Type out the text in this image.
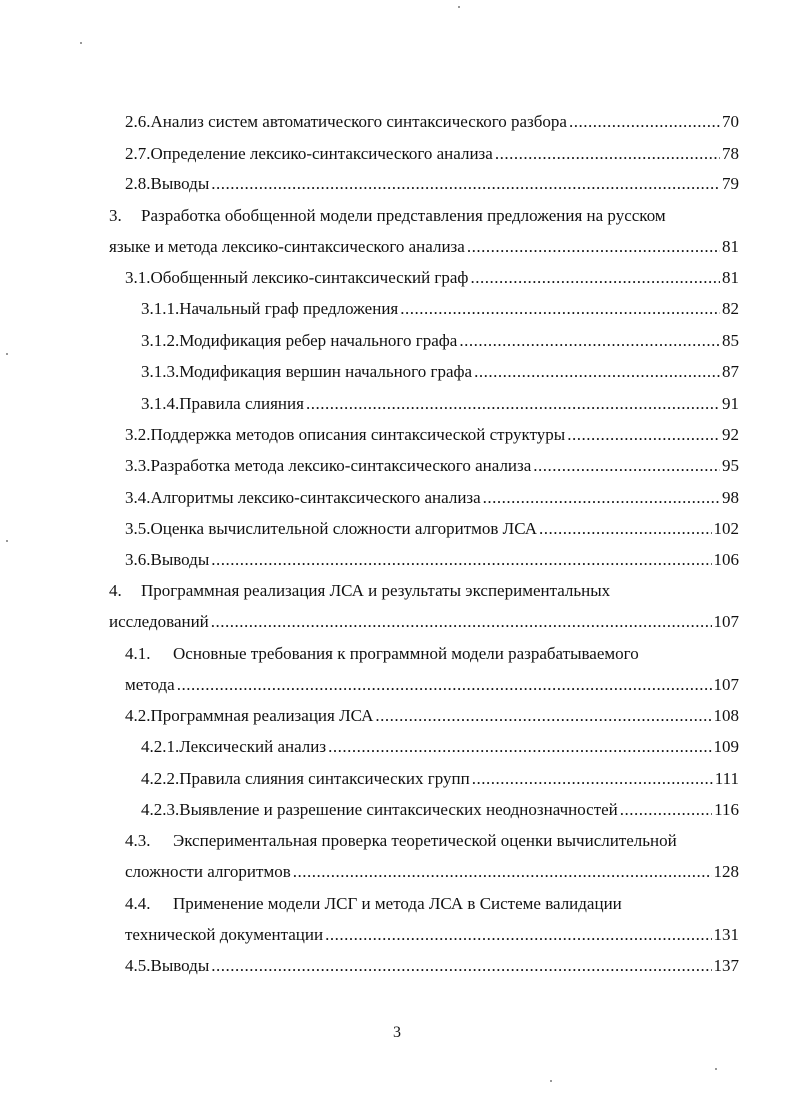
2.6. Анализ систем автоматического синтаксического разбора .....	70
2.7. Определение лексико-синтаксического анализа .....	78
2.8. Выводы .....	79
3.	Разработка обобщенной модели представления предложения на русском
языке и метода лексико-синтаксического анализа .....	81
3.1. Обобщенный лексико-синтаксический граф .....	81
3.1.1. Начальный граф предложения .....	82
3.1.2. Модификация ребер начального графа .....	85
3.1.3. Модификация вершин начального графа .....	87
3.1.4. Правила слияния .....	91
3.2. Поддержка методов описания синтаксической структуры .....	92
3.3. Разработка метода лексико-синтаксического анализа .....	95
3.4. Алгоритмы лексико-синтаксического анализа .....	98
3.5. Оценка вычислительной сложности алгоритмов ЛСА .....	102
3.6. Выводы .....	106
4.	Программная реализация ЛСА и результаты экспериментальных
исследований .....	107
4.1.	Основные требования к программной модели разрабатываемого
метода .....	107
4.2. Программная реализация ЛСА .....	108
4.2.1. Лексический анализ .....	109
4.2.2. Правила слияния синтаксических групп .....	111
4.2.3. Выявление и разрешение синтаксических неоднозначностей .....	116
4.3.	Экспериментальная проверка теоретической оценки вычислительной
сложности алгоритмов .....	128
4.4.	Применение модели ЛСГ и метода ЛСА в Системе валидации
технической документации .....	131
4.5. Выводы .....	137
3
